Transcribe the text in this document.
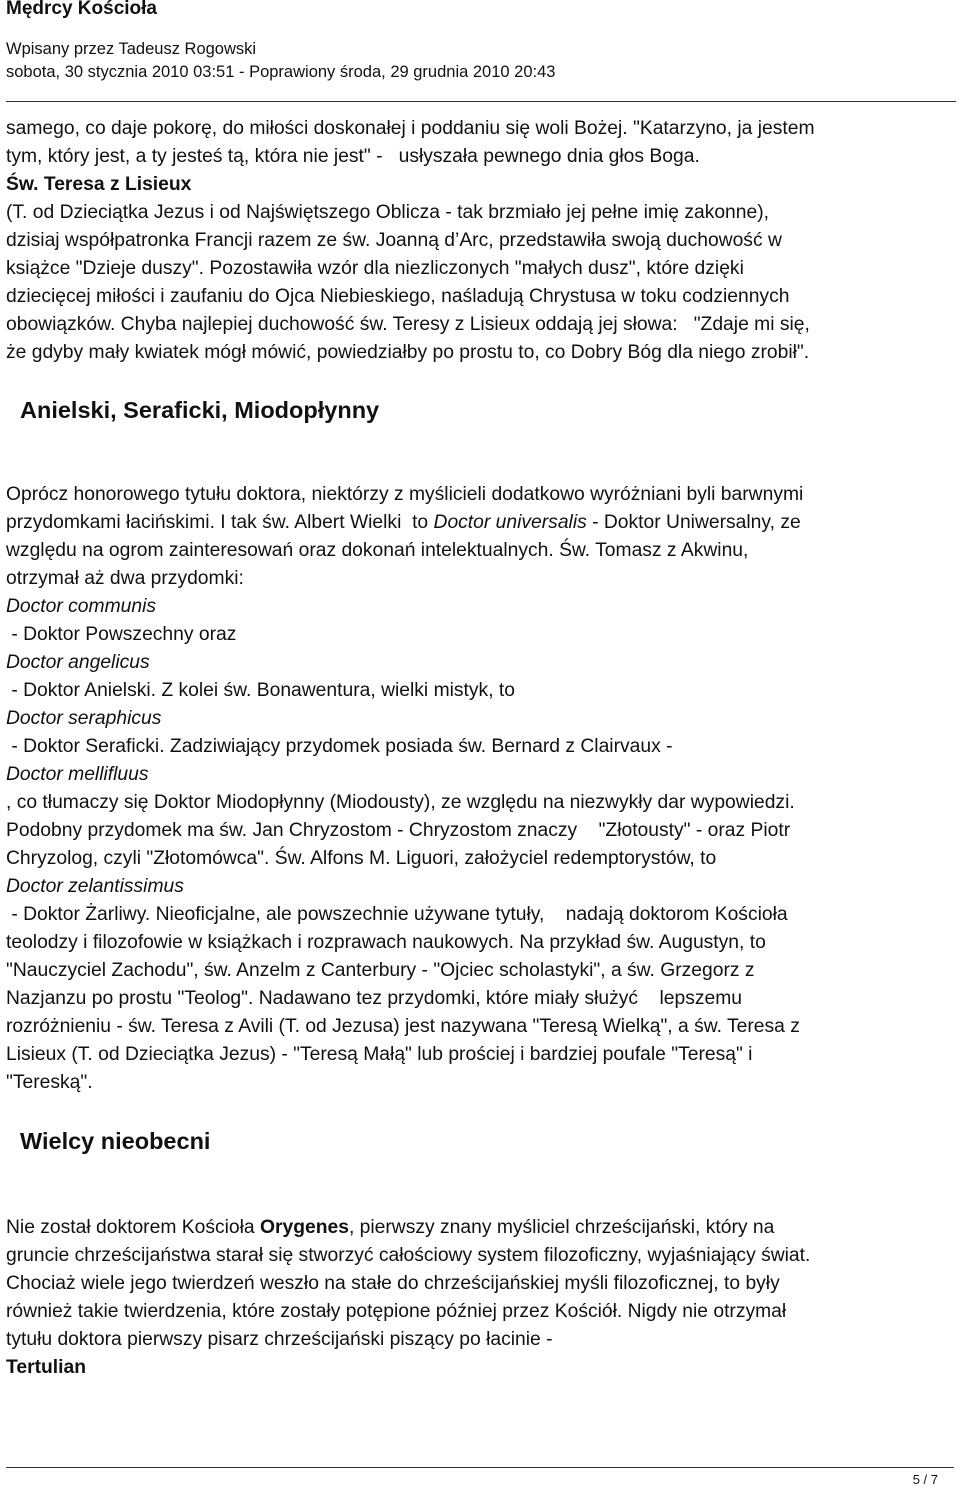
Mędrcy Kościoła
Wpisany przez Tadeusz Rogowski
sobota, 30 stycznia 2010 03:51 - Poprawiony środa, 29 grudnia 2010 20:43
samego, co daje pokorę, do miłości doskonałej i poddaniu się woli Bożej. "Katarzyno, ja jestem
tym, który jest, a ty jesteś tą, która nie jest" -   usłyszała pewnego dnia głos Boga.
Św. Teresa z Lisieux
(T. od Dzieciątka Jezus i od Najświętszego Oblicza - tak brzmiało jej pełne imię zakonne),
dzisiaj współpatronka Francji razem ze św. Joanną d’Arc, przedstawiła swoją duchowość w
książce "Dzieje duszy". Pozostawiła wzór dla niezliczonych "małych dusz", które dzięki
dziecięcej miłości i zaufaniu do Ojca Niebieskiego, naśladują Chrystusa w toku codziennych
obowiązków. Chyba najlepiej duchowość św. Teresy z Lisieux oddają jej słowa:   "Zdaje mi się,
że gdyby mały kwiatek mógł mówić, powiedziałby po prostu to, co Dobry Bóg dla niego zrobił".
Anielski, Seraficki, Miodopłynny
Oprócz honorowego tytułu doktora, niektórzy z myślicieli dodatkowo wyróżniani byli barwnymi
przydomkami łacińskimi. I tak św. Albert Wielki  to Doctor universalis - Doktor Uniwersalny, ze
względu na ogrom zainteresowań oraz dokonań intelektualnych. Św. Tomasz z Akwinu,
otrzymał aż dwa przydomki:
Doctor communis
- Doktor Powszechny oraz
Doctor angelicus
- Doktor Anielski. Z kolei św. Bonawentura, wielki mistyk, to
Doctor seraphicus
- Doktor Seraficki. Zadziwiający przydomek posiada św. Bernard z Clairvaux -
Doctor mellifluus
, co tłumaczy się Doktor Miodopłynny (Miodousty), ze względu na niezwykły dar wypowiedzi.
Podobny przydomek ma św. Jan Chryzostom - Chryzostom znaczy    "Złotousty" - oraz Piotr
Chryzolog, czyli "Złotomówca". Św. Alfons M. Liguori, założyciel redemptorystów, to
Doctor zelantissimus
- Doktor Żarliwy. Nieoficjalne, ale powszechnie używane tytuły,    nadają doktorom Kościoła
teolodzy i filozofowie w książkach i rozprawach naukowych. Na przykład św. Augustyn, to
"Nauczyciel Zachodu", św. Anzelm z Canterbury - "Ojciec scholastyki", a św. Grzegorz z
Nazjanzu po prostu "Teolog". Nadawano tez przydomki, które miały służyć    lepszemu
rozróżnieniu - św. Teresa z Avili (T. od Jezusa) jest nazywana "Teresą Wielką", a św. Teresa z
Lisieux (T. od Dzieciątka Jezus) - "Teresą Małą" lub prościej i bardziej poufale "Teresą" i
"Tereską".
Wielcy nieobecni
Nie został doktorem Kościoła Orygenes, pierwszy znany myśliciel chrześcijański, który na
gruncie chrześcijaństwa starał się stworzyć całościowy system filozoficzny, wyjaśniający świat.
Chociaż wiele jego twierdzeń weszło na stałe do chrześcijańskiej myśli filozoficznej, to były
również takie twierdzenia, które zostały potępione później przez Kościół. Nigdy nie otrzymał
tytułu doktora pierwszy pisarz chrześcijański piszący po łacinie -
Tertulian
5 / 7
